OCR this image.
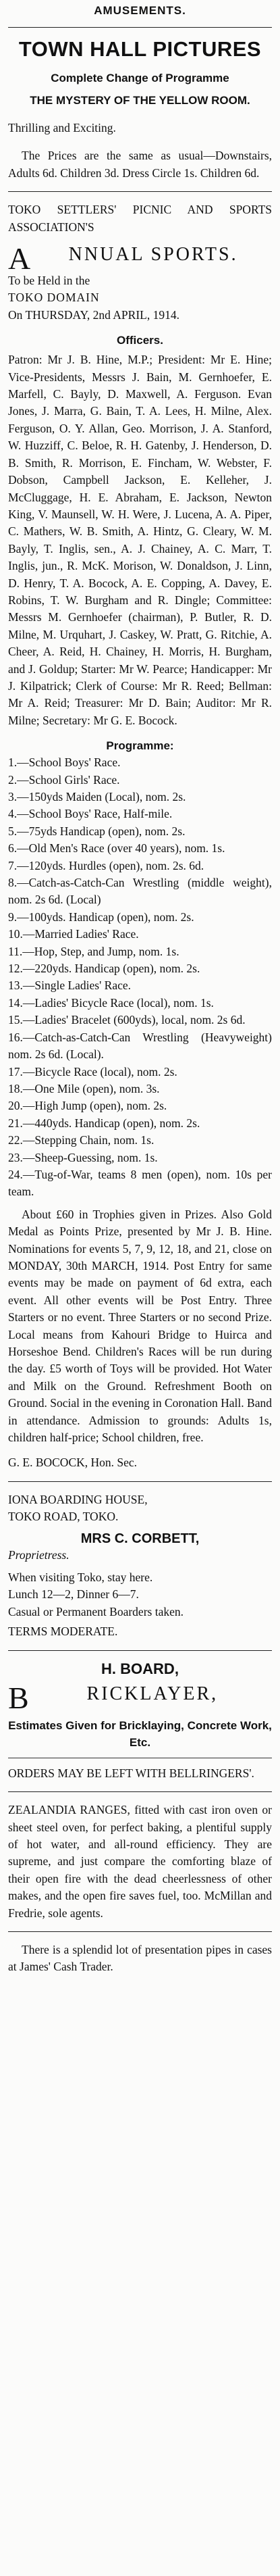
AMUSEMENTS.
TOWN HALL PICTURES
Complete Change of Programme
THE MYSTERY OF THE YELLOW ROOM.
Thrilling and Exciting.
The Prices are the same as usual—Downstairs, Adults 6d. Children 3d. Dress Circle 1s. Children 6d.
TOKO SETTLERS' PICNIC AND SPORTS ASSOCIATION'S
A NNUAL SPORTS.
To be Held in the
TOKO DOMAIN
On THURSDAY, 2nd APRIL, 1914.
Officers.
Patron: Mr J. B. Hine, M.P.; President: Mr E. Hine; Vice-Presidents, Messrs J. Bain, M. Gernhoefer, E. Marfell, C. Bayly, D. Maxwell, A. Ferguson. Evan Jones, J. Marra, G. Bain, T. A. Lees, H. Milne, Alex. Ferguson, O. Y. Allan, Geo. Morrison, J. A. Stanford, W. Huzziff, C. Beloe, R. H. Gatenby, J. Henderson, D. B. Smith, R. Morrison, E. Fincham, W. Webster, F. Dobson, Campbell Jackson, E. Kelleher, J. McCluggage, H. E. Abraham, E. Jackson, Newton King, V. Maunsell, W. H. Were, J. Lucena, A. A. Piper, C. Mathers, W. B. Smith, A. Hintz, G. Cleary, W. M. Bayly, T. Inglis, sen., A. J. Chainey, A. C. Marr, T. Inglis, jun., R. McK. Morison, W. Donaldson, J. Linn, D. Henry, T. A. Bocock, A. E. Copping, A. Davey, E. Robins, T. W. Burgham and R. Dingle; Committee: Messrs M. Gernhoefer (chairman), P. Butler, R. D. Milne, M. Urquhart, J. Caskey, W. Pratt, G. Ritchie, A. Cheer, A. Reid, H. Chainey, H. Morris, H. Burgham, and J. Goldup; Starter: Mr W. Pearce; Handicapper: Mr J. Kilpatrick; Clerk of Course: Mr R. Reed; Bellman: Mr A. Reid; Treasurer: Mr D. Bain; Auditor: Mr R. Milne; Secretary: Mr G. E. Bocock.
Programme:
1.—School Boys' Race.
2.—School Girls' Race.
3.—150yds Maiden (Local), nom. 2s.
4.—School Boys' Race, Half-mile.
5.—75yds Handicap (open), nom. 2s.
6.—Old Men's Race (over 40 years), nom. 1s.
7.—120yds. Hurdles (open), nom. 2s. 6d.
8.—Catch-as-Catch-Can Wrestling (middle weight), nom. 2s 6d. (Local)
9.—100yds. Handicap (open), nom. 2s.
10.—Married Ladies' Race.
11.—Hop, Step, and Jump, nom. 1s.
12.—220yds. Handicap (open), nom. 2s.
13.—Single Ladies' Race.
14.—Ladies' Bicycle Race (local), nom. 1s.
15.—Ladies' Bracelet (600yds), local, nom. 2s 6d.
16.—Catch-as-Catch-Can Wrestling (Heavyweight) nom. 2s 6d. (Local).
17.—Bicycle Race (local), nom. 2s.
18.—One Mile (open), nom. 3s.
20.—High Jump (open), nom. 2s.
21.—440yds. Handicap (open), nom. 2s.
22.—Stepping Chain, nom. 1s.
23.—Sheep-Guessing, nom. 1s.
24.—Tug-of-War, teams 8 men (open), nom. 10s per team.
About £60 in Trophies given in Prizes. Also Gold Medal as Points Prize, presented by Mr J. B. Hine. Nominations for events 5, 7, 9, 12, 18, and 21, close on MONDAY, 30th MARCH, 1914. Post Entry for same events may be made on payment of 6d extra, each event. All other events will be Post Entry. Three Starters or no event. Three Starters or no second Prize. Local means from Kahouri Bridge to Huirca and Horseshoe Bend. Children's Races will be run during the day. £5 worth of Toys will be provided. Hot Water and Milk on the Ground. Refreshment Booth on Ground. Social in the evening in Coronation Hall. Band in attendance. Admission to grounds: Adults 1s, children half-price; School children, free.
G. E. BOCOCK, Hon. Sec.
IONA BOARDING HOUSE,
TOKO ROAD, TOKO.
MRS C. CORBETT,
Proprietress.
When visiting Toko, stay here.
Lunch 12—2, Dinner 6—7.
Casual or Permanent Boarders taken.
TERMS MODERATE.
H. BOARD,
B	RICKLAYER,
Estimates Given for Bricklaying, Concrete Work, Etc.
ORDERS MAY BE LEFT WITH BELLRINGERS'.
ZEALANDIA RANGES, fitted with cast iron oven or sheet steel oven, for perfect baking, a plentiful supply of hot water, and all-round efficiency. They are supreme, and just compare the comforting blaze of their open fire with the dead cheerlessness of other makes, and the open fire saves fuel, too. McMillan and Fredrie, sole agents.
There is a splendid lot of presentation pipes in cases at James' Cash Trader.
